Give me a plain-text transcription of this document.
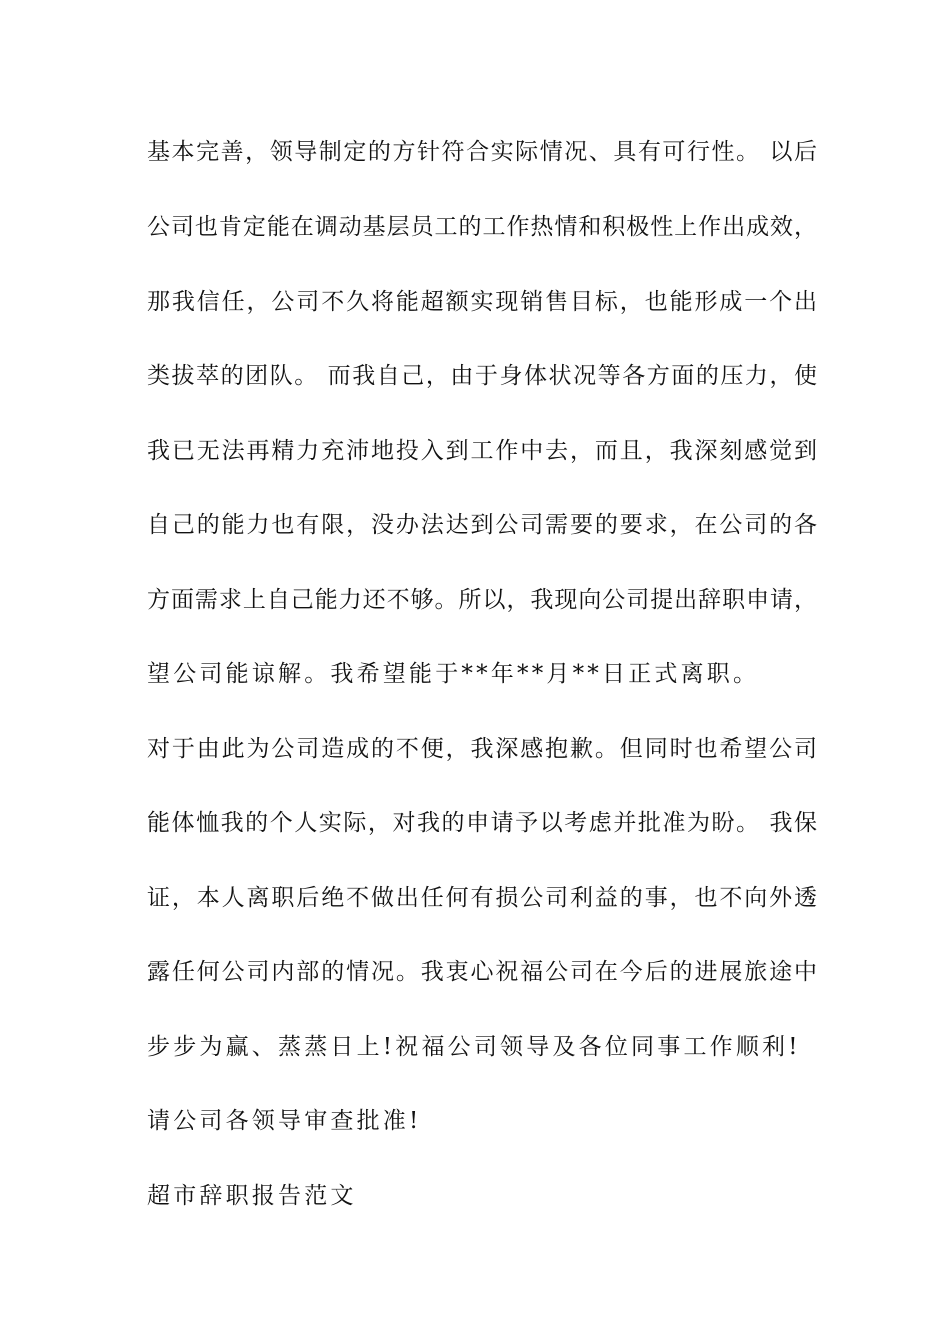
基本完善，领导制定的方针符合实际情况、具有可行性。 以后
公司也肯定能在调动基层员工的工作热情和积极性上作出成效，
那我信任，公司不久将能超额实现销售目标，也能形成一个出
类拔萃的团队。 而我自己，由于身体状况等各方面的压力，使
我已无法再精力充沛地投入到工作中去，而且，我深刻感觉到
自己的能力也有限，没办法达到公司需要的要求，在公司的各
方面需求上自己能力还不够。所以，我现向公司提出辞职申请，
望公司能谅解。我希望能于**年**月**日正式离职。
对于由此为公司造成的不便，我深感抱歉。但同时也希望公司
能体恤我的个人实际，对我的申请予以考虑并批准为盼。 我保
证，本人离职后绝不做出任何有损公司利益的事，也不向外透
露任何公司内部的情况。我衷心祝福公司在今后的进展旅途中
步步为赢、蒸蒸日上!祝福公司领导及各位同事工作顺利!
请公司各领导审查批准!
超市辞职报告范文
